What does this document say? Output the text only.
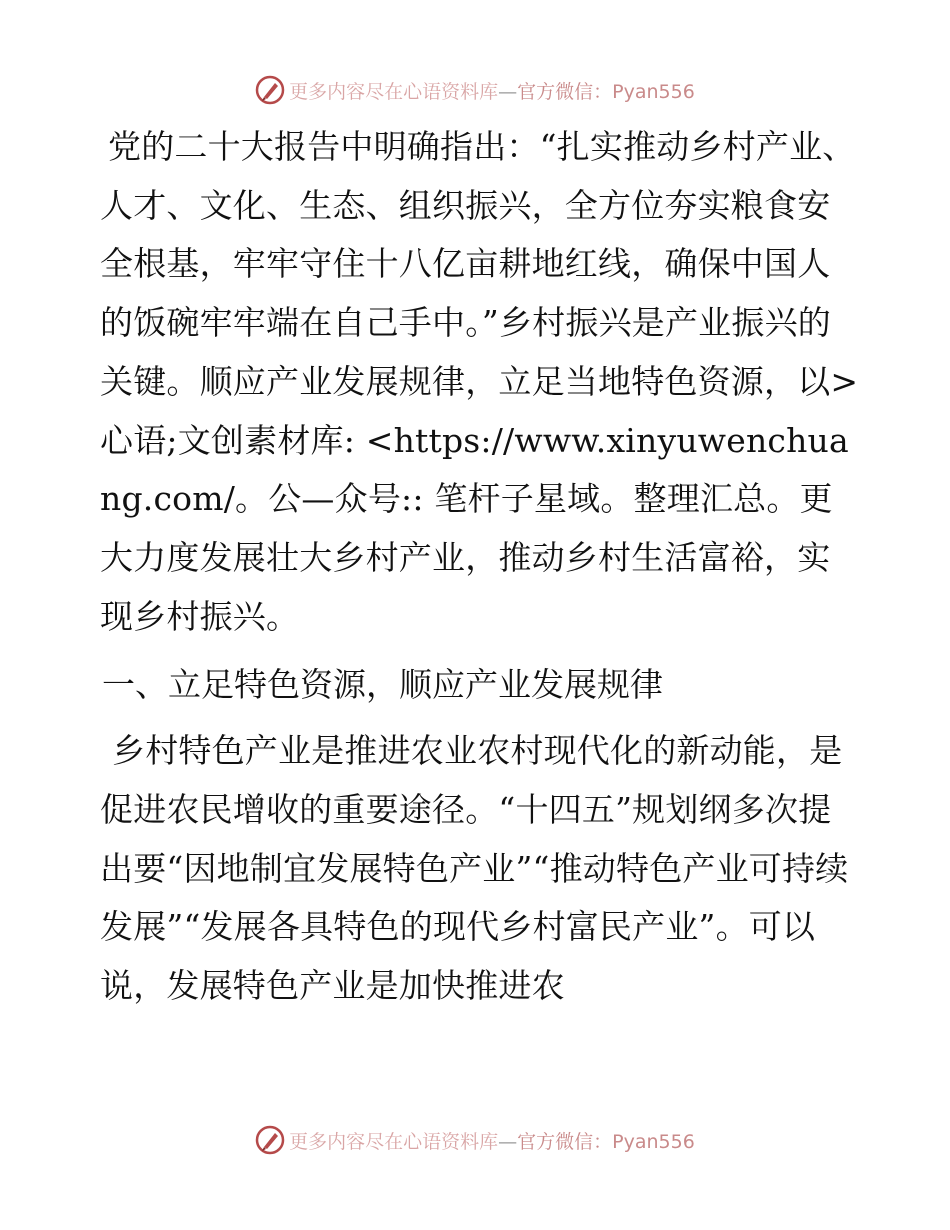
更多内容尽在心语资料库—官方微信：Pyan556

党的二十大报告中明确指出：“扎实推动乡村产业、人才、文化、生态、组织振兴，全方位夯实粮食安全根基，牢牢守住十八亿亩耕地红线，确保中国人的饭碗牢牢端在自己手中。”乡村振兴是产业振兴的关键。顺应产业发展规律，立足当地特色资源，以>心语;文创素材库: <https://www.xinyuwenchuang.com/。公—众号:: 笔杆子星域。整理汇总。更大力度发展壮大乡村产业，推动乡村生活富裕，实现乡村振兴。

一、立足特色资源，顺应产业发展规律

乡村特色产业是推进农业农村现代化的新动能，是促进农民增收的重要途径。“十四五”规划纲多次提出要“因地制宜发展特色产业”“推动特色产业可持续发展”“发展各具特色的现代乡村富民产业”。可以说，发展特色产业是加快推进农

更多内容尽在心语资料库—官方微信：Pyan556
